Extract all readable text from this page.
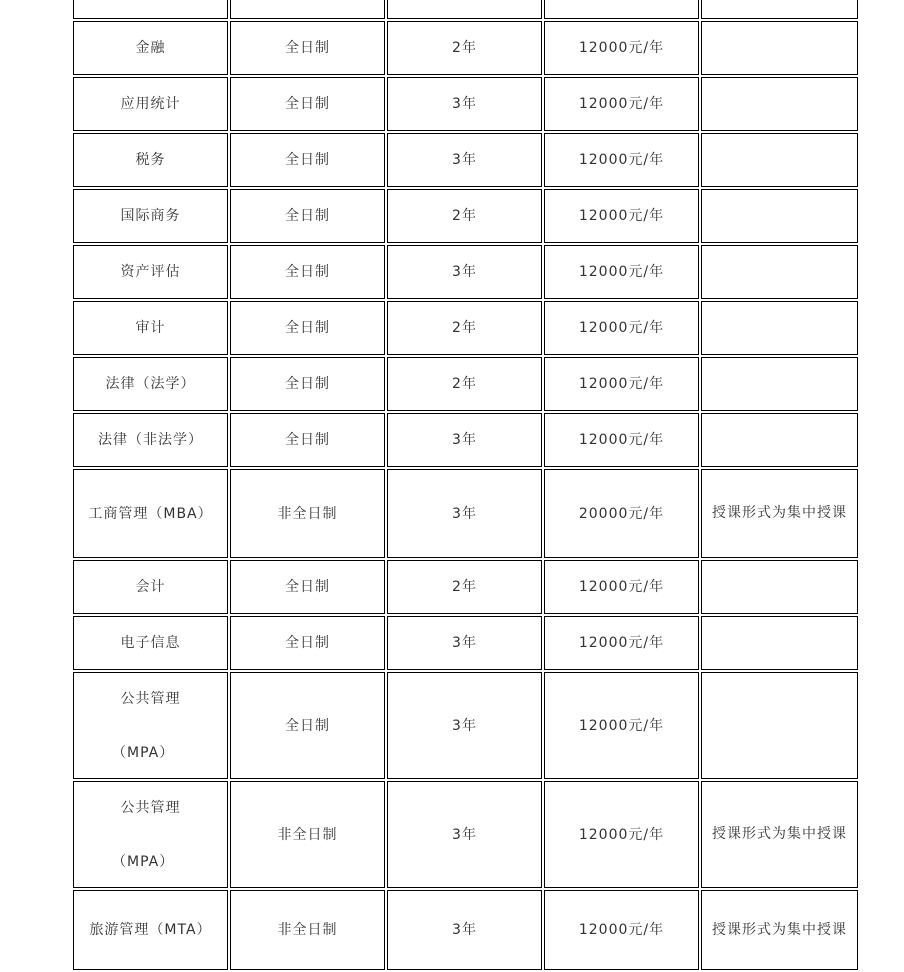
金融	全日制	2年	12000元/年	

应用统计	全日制	3年	12000元/年	

税务	全日制	3年	12000元/年	

国际商务	全日制	2年	12000元/年	

资产评估	全日制	3年	12000元/年	

审计	全日制	2年	12000元/年	

法律（法学）	全日制	2年	12000元/年	

法律（非法学）	全日制	3年	12000元/年	

工商管理（MBA）	非全日制	3年	20000元/年	授课形式为集中授课

会计	全日制	2年	12000元/年	

电子信息	全日制	3年	12000元/年	

公共管理
（MPA）	全日制	3年	12000元/年	

公共管理
（MPA）	非全日制	3年	12000元/年	授课形式为集中授课

旅游管理（MTA）	非全日制	3年	12000元/年	授课形式为集中授课
